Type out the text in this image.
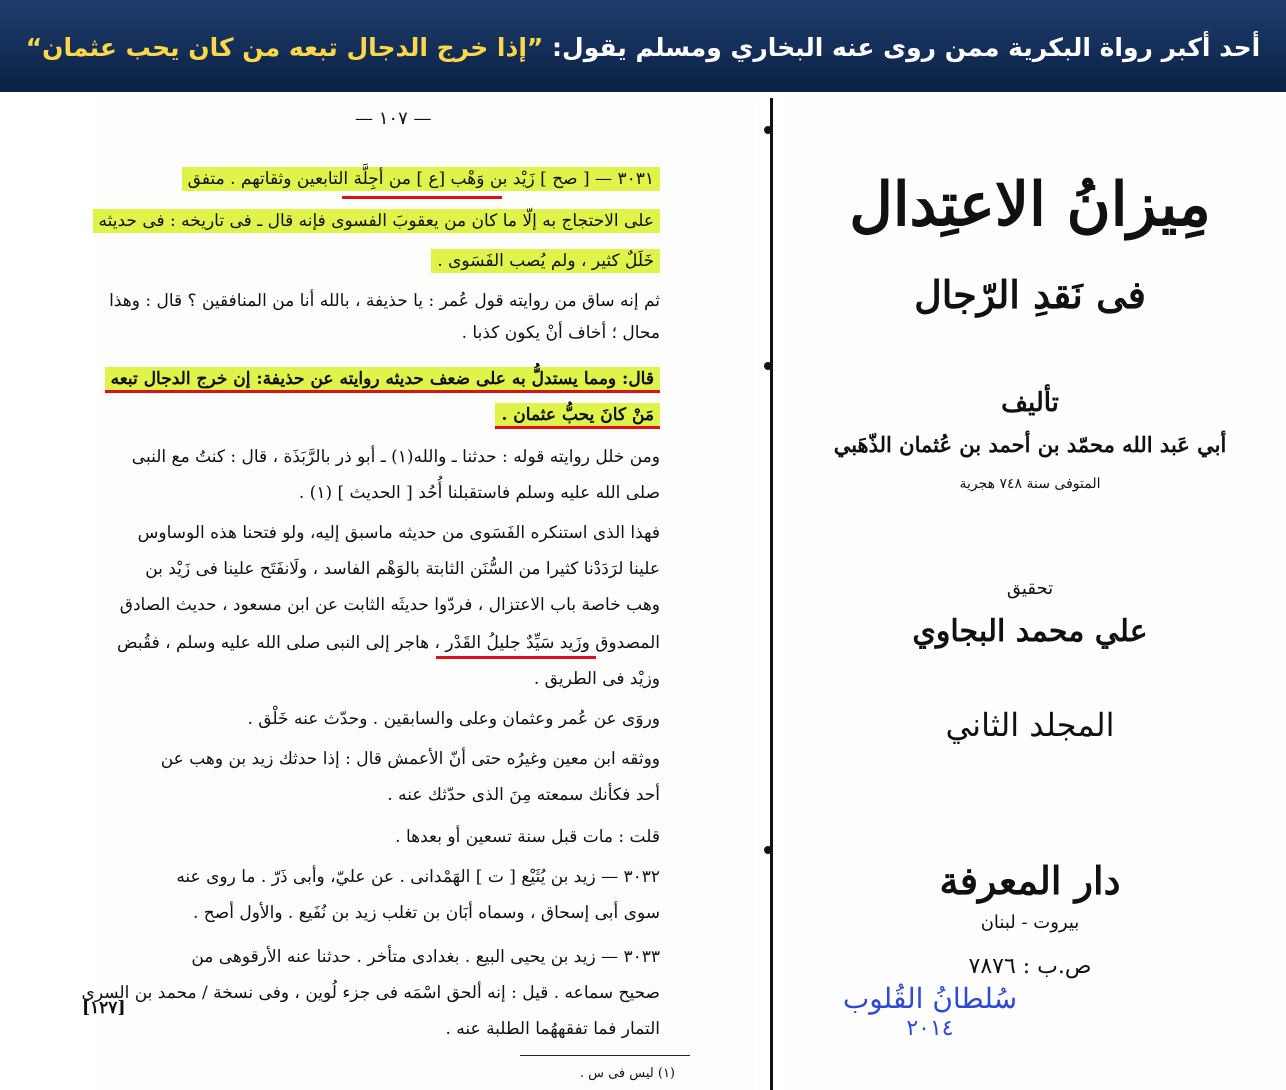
أحد أكبر رواة البكرية ممن روى عنه البخاري ومسلم يقول: ”إذا خرج الدجال تبعه من كان يحب عثمان“
— ١٠٧ —
٣٠٣١ — [ صح ] زَيْد بن وَهْب [ع ] من أجِلَّة التابعين وثقاتهم . متفق
على الاحتجاج به إلّا ما كان من يعقوبَ الفسوى فإنه قال ـ فى تاريخه : فى حديثه
خَلَلٌ كثير ، ولم يُصب الفَسَوى .
ثم إنه ساق من روايته قول عُمر : يا حذيفة ، بالله أنا من المنافقين ؟ قال : وهذا
محال ؛ أخاف أنْ يكون كذبا .
قال: ومما يستدلُّ به على ضعف حديثه روايته عن حذيفة: إن خرج الدجال تبعه
مَنْ كانَ يحبُّ عثمان .
ومن خلل روايته قوله : حدثنا ـ والله(١) ـ أبو ذر بالرَّبَذَة ، قال : كنتُ مع النبى
صلى الله عليه وسلم فاستقبلنا أُحُد [ الحديث ] (١) .
فهذا الذى استنكره الفَسَوى من حديثه ماسبق إليه، ولو فتحنا هذه الوساوس
علينا لرَدَدْنا كثيرا من السُّنَن الثابتة بالوَهْم الفاسد ، ولَانفَتَح علينا فى زَيْد بن
وهب خاصة باب الاعتزال ، فردّوا حديثَه الثابت عن ابن مسعود ، حديث الصادق
المصدوق وزَيد سَيِّدٌ جليلُ القَدْر ، هاجر إلى النبى صلى الله عليه وسلم ، فقُبض
وزيْد فى الطريق .
وروَى عن عُمر وعثمان وعلى والسابقين . وحدّث عنه خَلْق .
ووثقه ابن معين وغيرُه حتى أنّ الأعمش قال : إذا حدثك زيد بن وهب عن
أحد فكأنك سمعته مِنَ الذى حدّثك عنه .
قلت : مات قبل سنة تسعين أو بعدها .
٣٠٣٢ — زيد بن يُثَيْع [ ت ] الهَمْدانى . عن عليّ، وأبى ذَرّ . ما روى عنه
سوى أبى إسحاق ، وسماه أبَان بن تغلب زيد بن نُفَيع . والأول أصح .
٣٠٣٣ — زيد بن يحيى البيع . بغدادى متأخر . حدثنا عنه الأرقوهى من
صحيح سماعه . قيل : إنه ألحق اسْمَه فى جزء لُوين ، وفى نسخة / محمد بن السرى
التمار فما تفقههُما الطلبة عنه .
[١٢٧]
(١) ليس فى س .
مِيزانُ الاعتِدال
فى نَقدِ الرّجال
تأليف
أبي عَبد الله محمّد بن أحمد بن عُثمان الذّهَبي
المتوفى سنة ٧٤٨ هجرية
تحقيق
علي محمد البجاوي
المجلد الثاني
دار المعرفة
بيروت - لبنان
ص.ب : ٧٨٧٦
سُلطانُ القُلوب
٢٠١٤
